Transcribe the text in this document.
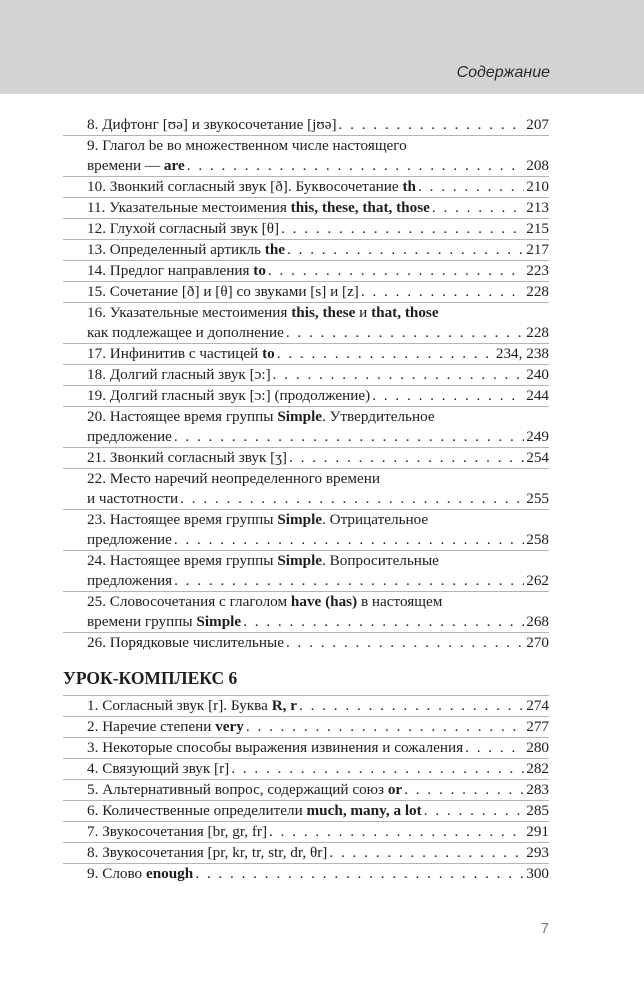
Содержание
8. Дифтонг [ʊə] и звукосочетание [jʊə] . . .	207
9. Глагол be во множественном числе настоящего
времени — are . . .	208
10. Звонкий согласный звук [ð]. Буквосочетание th . . .	210
11. Указательные местоимения this, these, that, those . . .	213
12. Глухой согласный звук [θ] . . .	215
13. Определенный артикль the . . .	217
14. Предлог направления to . . .	223
15. Сочетание [ð] и [θ] со звуками [s] и [z] . . .	228
16. Указательные местоимения this, these и that, those
как подлежащее и дополнение . . .	228
17. Инфинитив с частицей to . . .	234, 238
18. Долгий гласный звук [ɔ:] . . .	240
19. Долгий гласный звук [ɔ:] (продолжение) . . .	244
20. Настоящее время группы Simple. Утвердительное
предложение . . .	249
21. Звонкий согласный звук [ʒ] . . .	254
22. Место наречий неопределенного времени
и частотности . . .	255
23. Настоящее время группы Simple. Отрицательное
предложение . . .	258
24. Настоящее время группы Simple. Вопросительные
предложения . . .	262
25. Словосочетания с глаголом have (has) в настоящем
времени группы Simple . . .	268
26. Порядковые числительные . . .	270
УРОК-КОМПЛЕКС 6
1. Согласный звук [r]. Буква R, r . . .	274
2. Наречие степени very . . .	277
3. Некоторые способы выражения извинения и сожаления . . .	280
4. Связующий звук [r] . . .	282
5. Альтернативный вопрос, содержащий союз or . . .	283
6. Количественные определители much, many, a lot . . .	285
7. Звукосочетания [br, gr, fr] . . .	291
8. Звукосочетания [pr, kr, tr, str, dr, θr] . . .	293
9. Слово enough . . .	300
7
